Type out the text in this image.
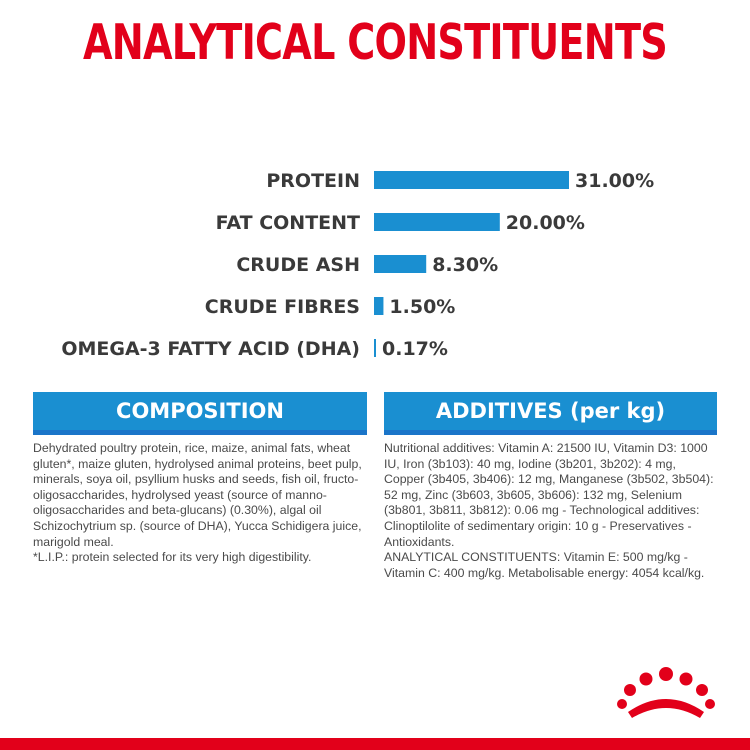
ANALYTICAL CONSTITUENTS
PROTEIN	31.00%
FAT CONTENT	20.00%
CRUDE ASH	8.30%
CRUDE FIBRES 1.50%
OMEGA-3 FATTY ACID (DHA) 0.17%
COMPOSITION	ADDITIVES (per kg)

Dehydrated poultry protein, rice, maize, animal fats, wheat gluten*, maize gluten, hydrolysed animal proteins, beet pulp, minerals, soya oil, psyllium husks and seeds, fish oil, fructo-oligosaccharides, hydrolysed yeast (source of manno-oligosaccharides and beta-glucans) (0.30%), algal oil Schizochytrium sp. (source of DHA), Yucca Schidigera juice, marigold meal.

*L.I.P.: protein selected for its very high digestibility.

Nutritional additives: Vitamin A: 21500 IU, Vitamin D3: 1000 IU, Iron (3b103): 40 mg, Iodine (3b201, 3b202): 4 mg, Copper (3b405, 3b406): 12 mg, Manganese (3b502, 3b504): 52 mg, Zinc (3b603, 3b605, 3b606): 132 mg, Selenium (3b801, 3b811, 3b812): 0.06 mg - Technological additives: Clinoptilolite of sedimentary origin: 10 g - Preservatives - Antioxidants.

ANALYTICAL CONSTITUENTS: Vitamin E: 500 mg/kg - Vitamin C: 400 mg/kg. Metabolisable energy: 4054 kcal/kg.
